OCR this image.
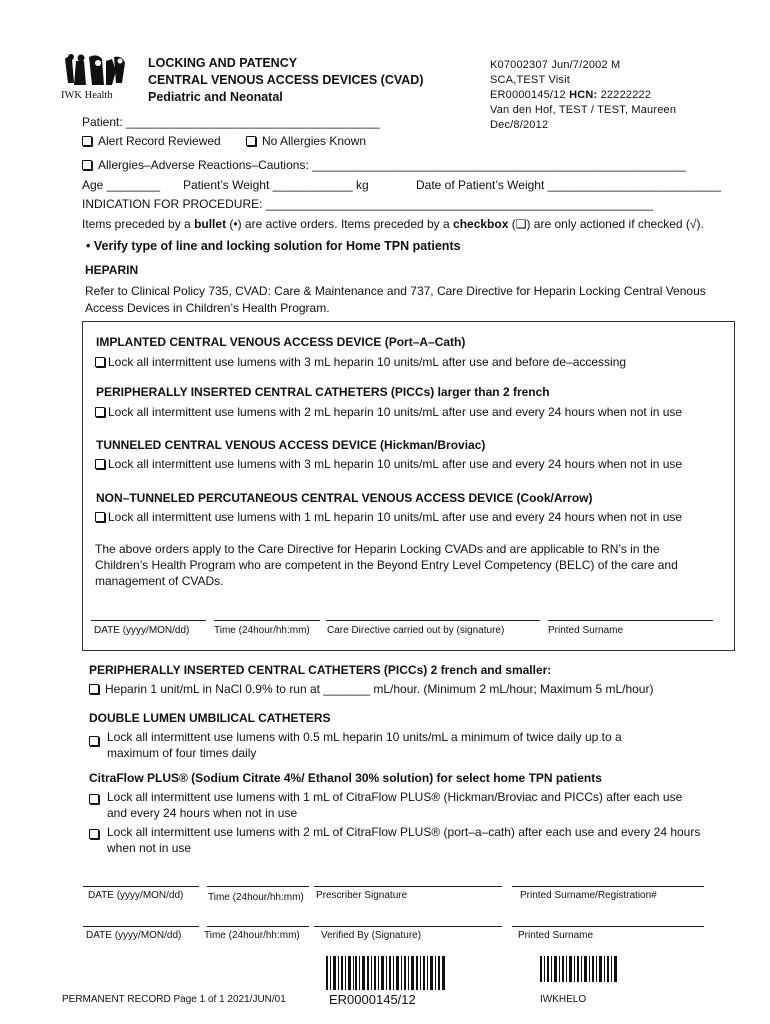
IWK Health
LOCKING AND PATENCY
CENTRAL VENOUS ACCESS DEVICES (CVAD)
Pediatric and Neonatal
K07002307 Jun/7/2002 M
SCA,TEST Visit
ER0000145/12 HCN: 22222222
Van den Hof, TEST / TEST, Maureen
Dec/8/2012
Patient: ______________________________________
Alert Record Reviewed	No Allergies Known
Allergies–Adverse Reactions–Cautions: ________________________________________________________
Age ________ Patient’s Weight ____________ kg	Date of Patient’s Weight __________________________
INDICATION FOR PROCEDURE: __________________________________________________________
Items preceded by a bullet (•) are active orders. Items preceded by a checkbox (❑) are only actioned if checked (√).
• Verify type of line and locking solution for Home TPN patients
HEPARIN
Refer to Clinical Policy 735, CVAD: Care & Maintenance and 737, Care Directive for Heparin Locking Central Venous
Access Devices in Children’s Health Program.
IMPLANTED CENTRAL VENOUS ACCESS DEVICE (Port–A–Cath)
Lock all intermittent use lumens with 3 mL heparin 10 units/mL after use and before de–accessing
PERIPHERALLY INSERTED CENTRAL CATHETERS (PICCs) larger than 2 french
Lock all intermittent use lumens with 2 mL heparin 10 units/mL after use and every 24 hours when not in use
TUNNELED CENTRAL VENOUS ACCESS DEVICE (Hickman/Broviac)
Lock all intermittent use lumens with 3 mL heparin 10 units/mL after use and every 24 hours when not in use
NON–TUNNELED PERCUTANEOUS CENTRAL VENOUS ACCESS DEVICE (Cook/Arrow)
Lock all intermittent use lumens with 1 mL heparin 10 units/mL after use and every 24 hours when not in use
The above orders apply to the Care Directive for Heparin Locking CVADs and are applicable to RN’s in the
Children’s Health Program who are competent in the Beyond Entry Level Competency (BELC) of the care and
management of CVADs.
DATE (yyyy/MON/dd) Time (24hour/hh:mm) Care Directive carried out by (signature)	Printed Surname
PERIPHERALLY INSERTED CENTRAL CATHETERS (PICCs) 2 french and smaller:
Heparin 1 unit/mL in NaCl 0.9% to run at _______ mL/hour. (Minimum 2 mL/hour; Maximum 5 mL/hour)
DOUBLE LUMEN UMBILICAL CATHETERS
Lock all intermittent use lumens with 0.5 mL heparin 10 units/mL a minimum of twice daily up to a
maximum of four times daily
CitraFlow PLUS® (Sodium Citrate 4%/ Ethanol 30% solution) for select home TPN patients
Lock all intermittent use lumens with 1 mL of CitraFlow PLUS® (Hickman/Broviac and PICCs) after each use
and every 24 hours when not in use
Lock all intermittent use lumens with 2 mL of CitraFlow PLUS® (port–a–cath) after each use and every 24 hours
when not in use
DATE (yyyy/MON/dd) Time (24hour/hh:mm) Prescriber Signature	Printed Surname/Registration#
DATE (yyyy/MON/dd) Time (24hour/hh:mm) Verified By (Signature)	Printed Surname
PERMANENT RECORD Page 1 of 1 2021/JUN/01	ER0000145/12	IWKHELO
